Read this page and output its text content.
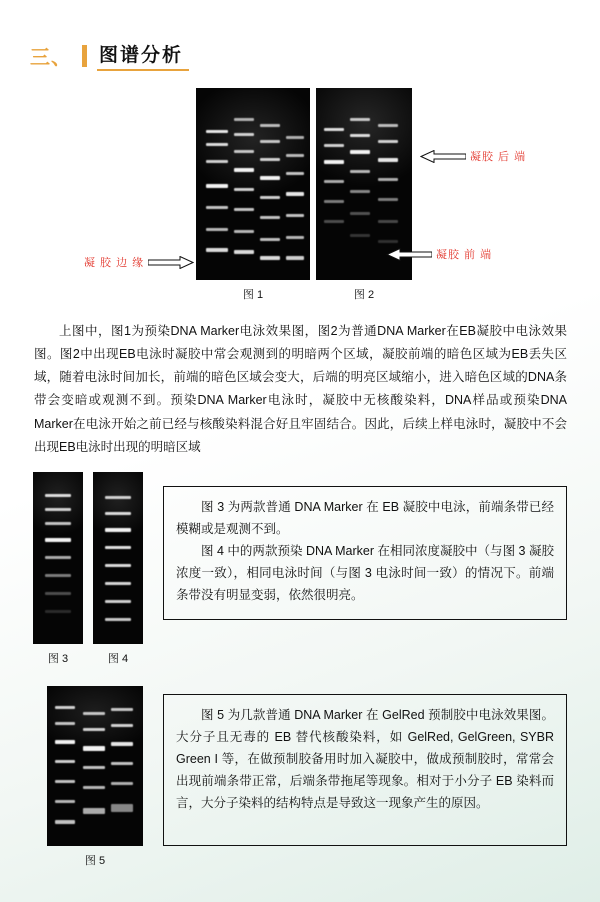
三、 图谱分析
图 1	图 2
凝 胶 边 缘
凝胶 后 端
凝胶 前 端
上图中，图1为预染DNA Marker电泳效果图，图2为普通DNA Marker在EB凝胶中电泳效果图。图2中出现EB电泳时凝胶中常会观测到的明暗两个区域，凝胶前端的暗色区域为EB丢失区域，随着电泳时间加长，前端的暗色区域会变大，后端的明亮区域缩小，进入暗色区域的DNA条带会变暗或观测不到。预染DNA Marker电泳时，凝胶中无核酸染料，DNA样品或预染DNA Marker在电泳开始之前已经与核酸染料混合好且牢固结合。因此，后续上样电泳时，凝胶中不会出现EB电泳时出现的明暗区域
图 3	图 4

图 3 为两款普通 DNA Marker 在 EB 凝胶中电泳，前端条带已经模糊或是观测不到。

图 4 中的两款预染 DNA Marker 在相同浓度凝胶中（与图 3 凝胶浓度一致），相同电泳时间（与图 3 电泳时间一致）的情况下。前端条带没有明显变弱，依然很明亮。

图 5

图 5 为几款普通 DNA Marker 在 GelRed 预制胶中电泳效果图。大分子且无毒的 EB 替代核酸染料，如 GelRed, GelGreen, SYBR Green I 等，在做预制胶备用时加入凝胶中，做成预制胶时，常常会出现前端条带正常，后端条带拖尾等现象。相对于小分子 EB 染料而言，大分子染料的结构特点是导致这一现象产生的原因。
